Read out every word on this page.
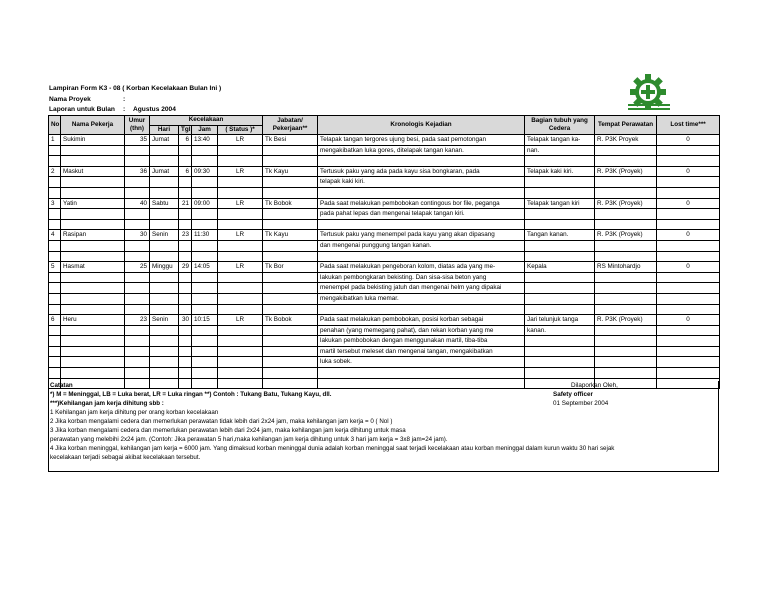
Lampiran Form K3 - 08 ( Korban Kecelakaan Bulan Ini )
Nama Proyek	:
Laporan untuk Bulan : Agustus 2004
No	Nama Pekerja	Umur (thn)	Kecelakaan				Jabatan/ Pekerjaan**	Kronologis Kejadian	Bagian tubuh yang Cedera	Tempat Perawatan	Lost time***
			Hari	Tgl	Jam	( Status )*					
1	Sukimin	35	Jumat	6	13:40	LR	Tk Besi	Telapak tangan tergores ujung besi, pada saat pemotongan	Telapak tangan ka-	R. P3K Proyek	0
								mengakibatkan luka gores, ditelapak tangan kanan.	nan.		

2	Maskut	36	Jumat	6	09:30	LR	Tk Kayu	Tertusuk paku yang ada pada kayu sisa bongkaran, pada	Telapak kaki kiri.	R. P3K (Proyek)	0
								telapak kaki kiri.			

3	Yatin	40	Sabtu	21	09:00	LR	Tk Bobok	Pada saat melakukan pembobokan contingous bor file, peganga	Telapak tangan kiri	R. P3K (Proyek)	0
								pada pahat lepas dan mengenai telapak tangan kiri.			

4	Rasipan	30	Senin	23	11:30	LR	Tk Kayu	Tertusuk paku yang menempel pada kayu yang akan dipasang	Tangan kanan.	R. P3K (Proyek)	0
								dan mengenai punggung tangan kanan.			

5	Hasmat	25	Minggu	29	14:05	LR	Tk Bor	Pada saat melakukan pengeboran kolom, diatas ada yang me-	Kepala	RS Mintohardjo	0
								lakukan pembongkaran bekisting. Dan sisa-sisa beton yang			
								menempel pada bekisting jatuh dan mengenai helm yang dipakai			
								mengakibatkan luka memar.			

6	Heru	23	Senin	30	10:15	LR	Tk Bobok	Pada saat melakukan pembobokan, posisi korban sebagai	Jari telunjuk tanga	R. P3K (Proyek)	0
								penahan (yang memegang pahat), dan rekan korban yang me	kanan.		
								lakukan pembobokan dengan menggunakan martil, tiba-tiba			
								martil tersebut meleset dan mengenai tangan, mengakibatkan			
								luka sobek.			

Catatan
*) M = Meninggal, LB = Luka berat, LR = Luka ringan **) Contoh : Tukang Batu, Tukang Kayu, dll.
***)Kehilangan jam kerja dihitung sbb :
1 Kehilangan jam kerja dihitung per orang korban kecelakaan
2 Jika korban mengalami cedera dan memerlukan perawatan tidak lebih dari 2x24 jam, maka kehilangan jam kerja = 0 ( Nol )
3 Jika korban mengalami cedera dan memerlukan perawatan lebih dari 2x24 jam, maka kehilangan jam kerja dihitung untuk masa
perawatan yang melebihi 2x24 jam. (Contoh: Jika perawatan 5 hari,maka kehilangan jam kerja dihitung untuk 3 hari jam kerja = 3x8 jam=24 jam).
4 Jika korban meninggal, kehilangan jam kerja = 6000 jam. Yang dimaksud korban meninggal dunia adalah korban meninggal saat terjadi kecelakaan atau korban meninggal dalam kurun waktu 30 hari sejak
kecelakaan terjadi sebagai akibat kecelakaan tersebut.
Dilaporkan Oleh,
Safety officer
01 September 2004
